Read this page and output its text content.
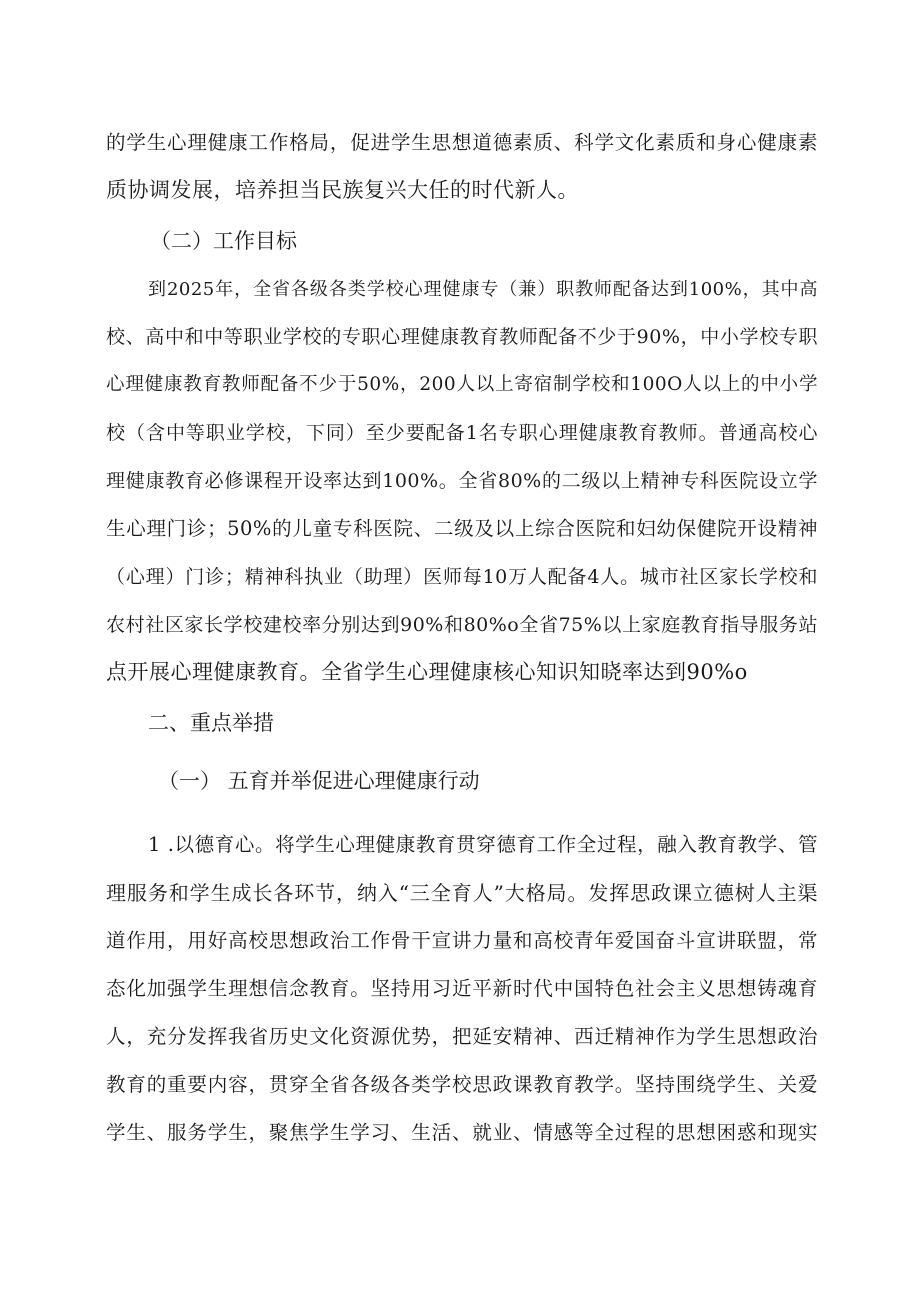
的学生心理健康工作格局，促进学生思想道德素质、科学文化素质和身心健康素
质协调发展，培养担当民族复兴大任的时代新人。
（二）工作目标
到2025年，全省各级各类学校心理健康专（兼）职教师配备达到100%，其中高
校、高中和中等职业学校的专职心理健康教育教师配备不少于90%，中小学校专职
心理健康教育教师配备不少于50%，200人以上寄宿制学校和100O人以上的中小学
校（含中等职业学校，下同）至少要配备1名专职心理健康教育教师。普通高校心
理健康教育必修课程开设率达到100%。全省80%的二级以上精神专科医院设立学
生心理门诊；50%的儿童专科医院、二级及以上综合医院和妇幼保健院开设精神
（心理）门诊；精神科执业（助理）医师每10万人配备4人。城市社区家长学校和
农村社区家长学校建校率分别达到90%和80%o全省75%以上家庭教育指导服务站
点开展心理健康教育。全省学生心理健康核心知识知晓率达到90%o
二、重点举措
（一） 五育并举促进心理健康行动
1 .以德育心。将学生心理健康教育贯穿德育工作全过程，融入教育教学、管
理服务和学生成长各环节，纳入“三全育人”大格局。发挥思政课立德树人主渠
道作用，用好高校思想政治工作骨干宣讲力量和高校青年爱国奋斗宣讲联盟，常
态化加强学生理想信念教育。坚持用习近平新时代中国特色社会主义思想铸魂育
人，充分发挥我省历史文化资源优势，把延安精神、西迁精神作为学生思想政治
教育的重要内容，贯穿全省各级各类学校思政课教育教学。坚持围绕学生、关爱
学生、服务学生，聚焦学生学习、生活、就业、情感等全过程的思想困惑和现实
